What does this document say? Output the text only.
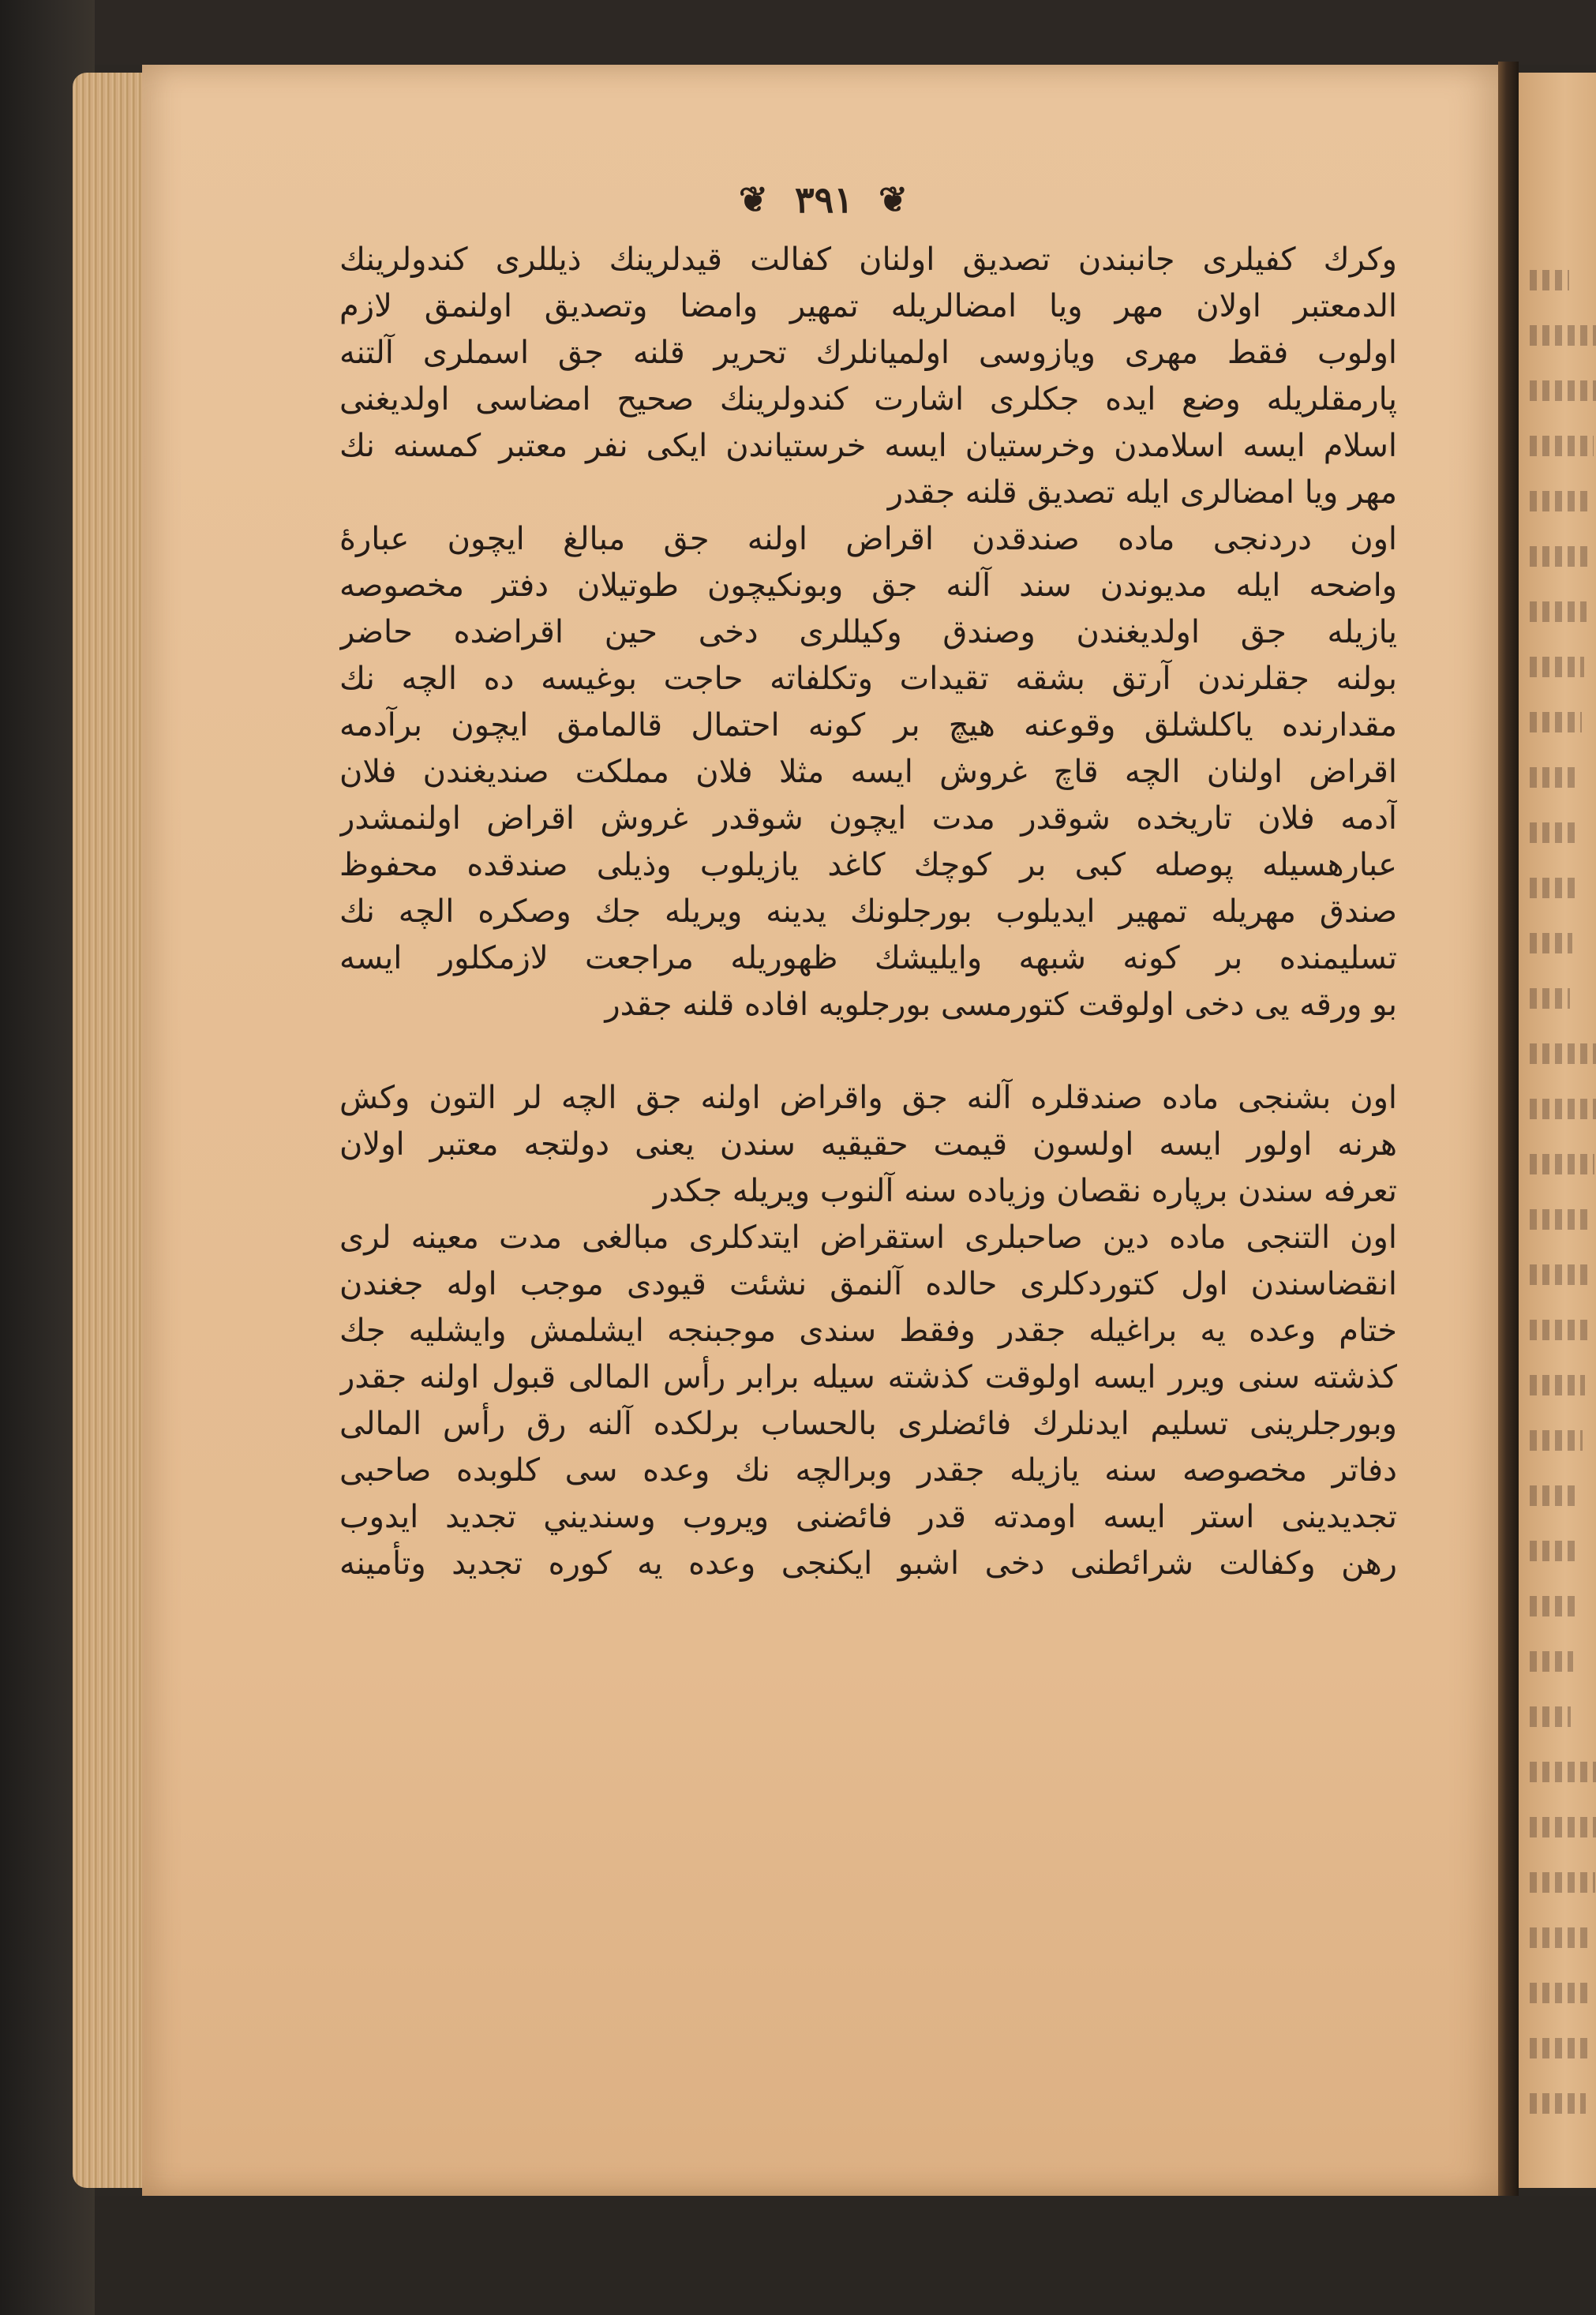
❦ ٣٩١ ❦
وكرك كفيلرى جانبندن تصديق اولنان كفالت قيدلرينك ذيللرى كندولرينك
الدمعتبر اولان مهر ويا امضالريله تمهير وامضا وتصديق اولنمق لازم
اولوب فقط مهرى ويازوسى اولميانلرك تحرير قلنه جق اسملرى آلتنه
پارمقلريله وضع ايده جكلرى اشارت كندولرينك صحيح امضاسى اولديغنى
اسلام ايسه اسلامدن وخرستيان ايسه خرستياندن ايكى نفر معتبر كمسنه نك
مهر ويا امضالرى ايله تصديق قلنه جقدر
اون دردنجى ماده صندقدن اقراض اولنه جق مبالغ ايچون عبارهٔ
واضحه ايله مديوندن سند آلنه جق وبونكيچون طوتيلان دفتر مخصوصه
يازيله جق اولديغندن وصندق وكيللرى دخى حين اقراضده حاضر
بولنه جقلرندن آرتق بشقه تقيدات وتكلفاته حاجت بوغيسه ده الچه نك
مقدارنده ياكلشلق وقوعنه هيچ بر كونه احتمال قالمامق ايچون برآدمه
اقراض اولنان الچه قاچ غروش ايسه مثلا فلان مملكت صنديغندن فلان
آدمه فلان تاريخده شوقدر مدت ايچون شوقدر غروش اقراض اولنمشدر
عبارهسيله پوصله كبى بر كوچك كاغد يازيلوب وذيلى صندقده محفوظ
صندق مهريله تمهير ايديلوب بورجلونك يدينه ويريله جك وصكره الچه نك
تسليمنده بر كونه شبهه وايليشك ظهوريله مراجعت لازمكلور ايسه
بو ورقه يى دخى اولوقت كتورمسى بورجلويه افاده قلنه جقدر
اون بشنجى ماده صندقلره آلنه جق واقراض اولنه جق الچه لر التون وكش
هرنه اولور ايسه اولسون قيمت حقيقيه سندن يعنى دولتجه معتبر اولان
تعرفه سندن برپاره نقصان وزياده سنه آلنوب ويريله جكدر
اون التنجى ماده دين صاحبلرى استقراض ايتدكلرى مبالغى مدت معينه لرى
انقضاسندن اول كتوردكلرى حالده آلنمق نشئت قيودى موجب اوله جغندن
ختام وعده يه براغيله جقدر وفقط سندى موجبنجه ايشلمش وايشليه جك
كذشته سنى ويرر ايسه اولوقت كذشته سيله برابر رأس المالى قبول اولنه جقدر
وبورجلرينى تسليم ايدنلرك فائضلرى بالحساب برلكده آلنه رق رأس المالى
دفاتر مخصوصه سنه يازيله جقدر وبرالچه نك وعده سى كلوبده صاحبى
تجديدينى استر ايسه اومدته قدر فائضنى ويروب وسنديني تجديد ايدوب
رهن وكفالت شرائطنى دخى اشبو ايكنجى وعده يه كوره تجديد وتأمينه
